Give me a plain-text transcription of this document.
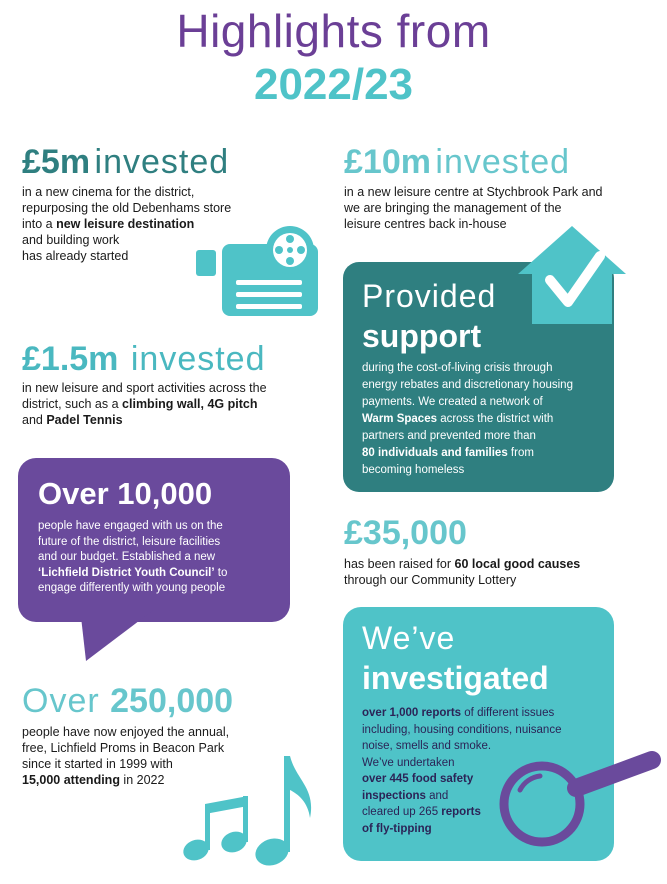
Highlights from
2022/23
£5m invested
in a new cinema for the district,
repurposing the old Debenhams store
into a new leisure destination
and building work
has already started
£10m invested
in a new leisure centre at Stychbrook Park and
we are bringing the management of the
leisure centres back in-house
Provided
support
during the cost-of-living crisis through
energy rebates and discretionary housing
payments. We created a network of
Warm Spaces across the district with
partners and prevented more than
80 individuals and families from
becoming homeless
£1.5m invested
in new leisure and sport activities across the
district, such as a climbing wall, 4G pitch
and Padel Tennis
Over 10,000
people have engaged with us on the
future of the district, leisure facilities
and our budget. Established a new
‘Lichfield District Youth Council’ to
engage differently with young people
£35,000
has been raised for 60 local good causes
through our Community Lottery
We’ve
investigated
over 1,000 reports of different issues
including, housing conditions, nuisance
noise, smells and smoke.
We’ve undertaken
over 445 food safety
inspections and
cleared up 265 reports
of fly-tipping
Over 250,000
people have now enjoyed the annual,
free, Lichfield Proms in Beacon Park
since it started in 1999 with
15,000 attending in 2022
